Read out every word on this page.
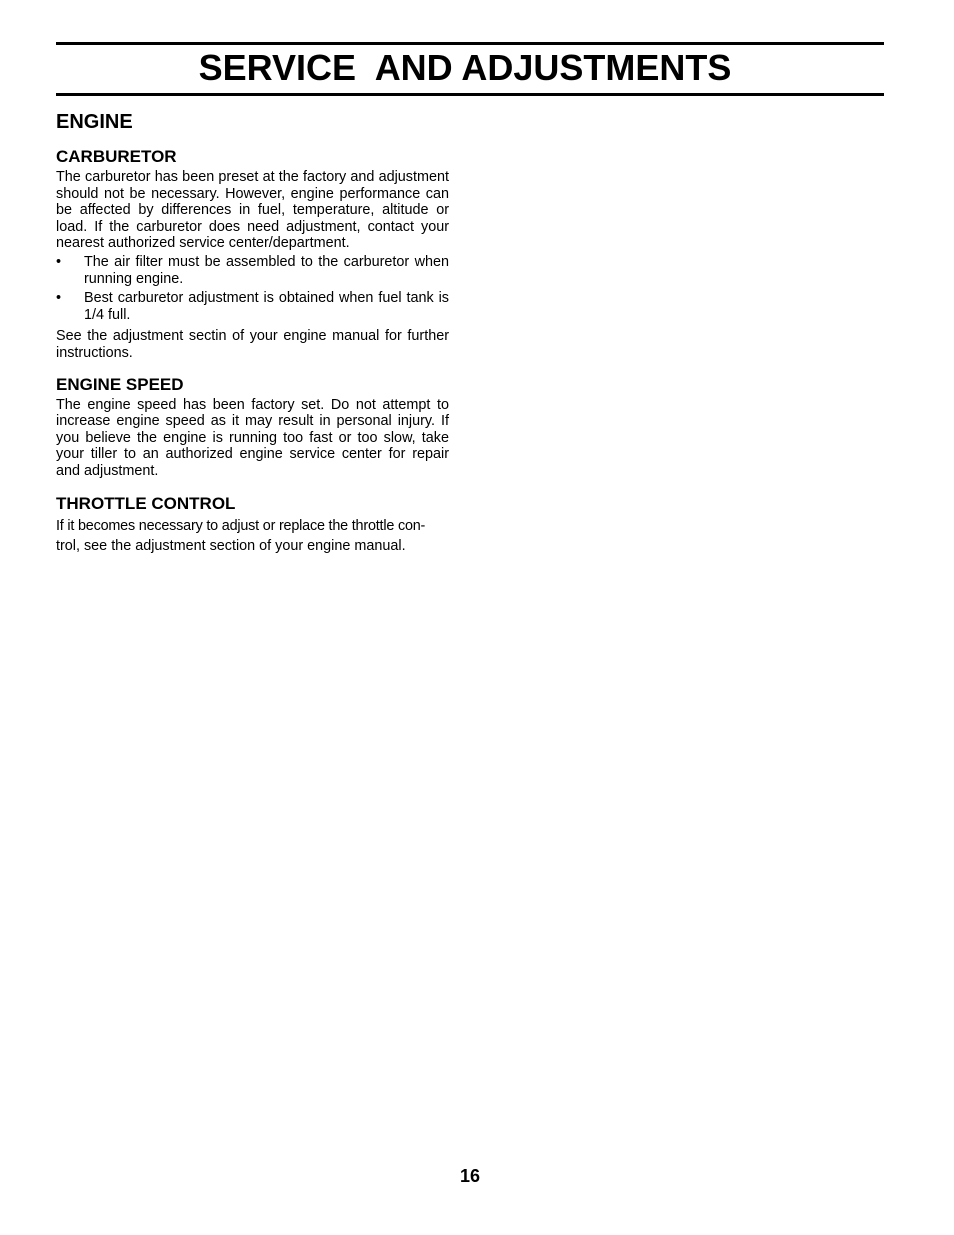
SERVICE  AND ADJUSTMENTS
ENGINE
CARBURETOR

The carburetor has been preset at the factory and adjustment should not be necessary. However, engine performance can be affected by differences in fuel, temperature, altitude or load. If the carburetor does need adjustment, contact your nearest authorized service center/department.

• The air filter must be assembled to the carburetor when running engine.
• Best carburetor adjustment is obtained when fuel tank is 1/4 full.

See the adjustment sectin of your engine manual for further instructions.

ENGINE SPEED

The engine speed has been factory set. Do not attempt to increase engine speed as it may result in personal injury. If you believe the engine is running too fast or too slow, take your tiller to an authorized engine service center for repair and adjustment.

THROTTLE CONTROL

If it becomes necessary to adjust or replace the throttle con-

trol, see the adjustment section of your engine manual.

16
